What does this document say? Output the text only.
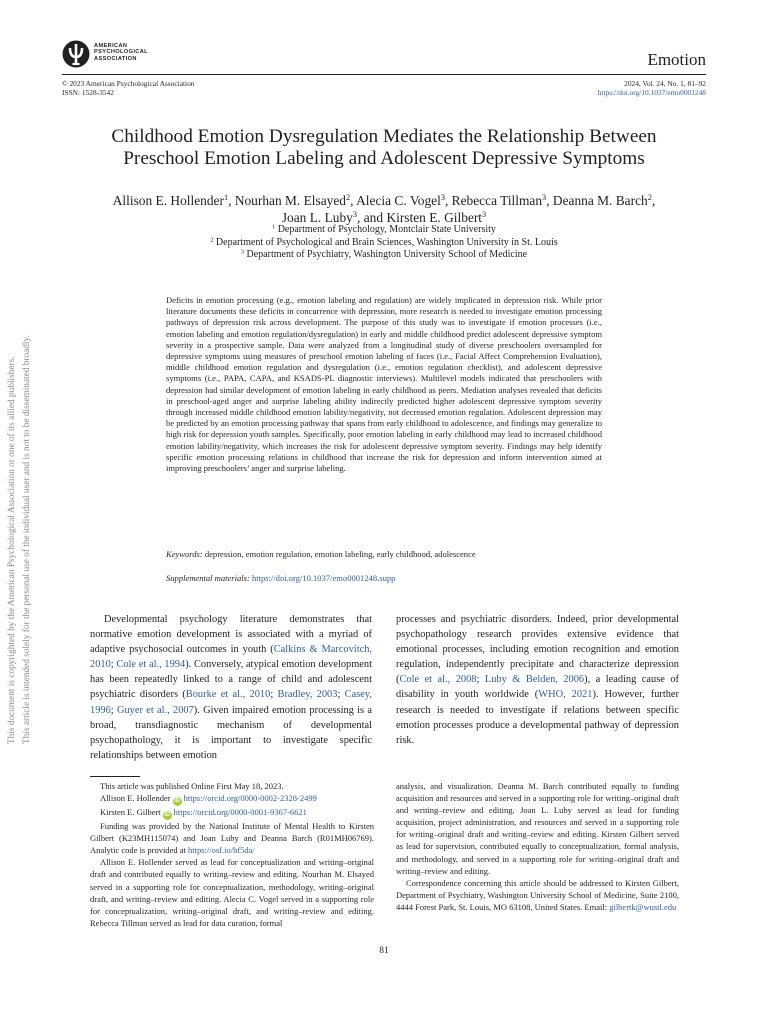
AMERICAN
PSYCHOLOGICAL
ASSOCIATION	Emotion
© 2023 American Psychological Association
ISSN: 1528-3542
2024, Vol. 24, No. 1, 81–92
https://doi.org/10.1037/emo0001248
Childhood Emotion Dysregulation Mediates the Relationship Between
Preschool Emotion Labeling and Adolescent Depressive Symptoms
Allison E. Hollender$^1$, Nourhan M. Elsayed$^2$, Alecia C. Vogel$^3$, Rebecca Tillman$^3$, Deanna M. Barch$^2$,
Joan L. Luby$^3$, and Kirsten E. Gilbert$^3$
$^1$ Department of Psychology, Montclair State University
$^2$ Department of Psychological and Brain Sciences, Washington University in St. Louis
$^3$ Department of Psychiatry, Washington University School of Medicine
Deficits in emotion processing (e.g., emotion labeling and regulation) are widely implicated in depression risk. While prior literature documents these deficits in concurrence with depression, more research is needed to investigate emotion processing pathways of depression risk across development. The purpose of this study was to investigate if emotion processes (i.e., emotion labeling and emotion regulation/dysregulation) in early and middle childhood predict adolescent depressive symptom severity in a prospective sample. Data were analyzed from a longitudinal study of diverse preschoolers oversampled for depressive symptoms using measures of preschool emotion labeling of faces (i.e., Facial Affect Comprehension Evaluation), middle childhood emotion regulation and dysregulation (i.e., emotion regulation checklist), and adolescent depressive symptoms (i.e., PAPA, CAPA, and KSADS-PL diagnostic interviews). Multilevel models indicated that preschoolers with depression had similar development of emotion labeling in early childhood as peers. Mediation analyses revealed that deficits in preschool-aged anger and surprise labeling ability indirectly predicted higher adolescent depressive symptom severity through increased middle childhood emotion lability/negativity, not decreased emotion regulation. Adolescent depression may be predicted by an emotion processing pathway that spans from early childhood to adolescence, and findings may generalize to high risk for depression youth samples. Specifically, poor emotion labeling in early childhood may lead to increased childhood emotion lability/negativity, which increases the risk for adolescent depressive symptom severity. Findings may help identify specific emotion processing relations in childhood that increase the risk for depression and inform intervention aimed at improving preschoolers’ anger and surprise labeling.
Keywords: depression, emotion regulation, emotion labeling, early childhood, adolescence
Supplemental materials: https://doi.org/10.1037/emo0001248.supp
This document is copyrighted by the American Psychological Association or one of its allied publishers. This article is intended solely for the personal use of the individual user and is not to be disseminated broadly.	Developmental psychology literature demonstrates that normative emotion development is associated with a myriad of adaptive psychosocial outcomes in youth (Calkins & Marcovitch, 2010; Cole et al., 1994). Conversely, atypical emotion development has been repeatedly linked to a range of child and adolescent psychiatric disorders (Bourke et al., 2010; Bradley, 2003; Casey, 1996; Guyer et al., 2007). Given impaired emotion processing is a broad, transdiagnostic mechanism of developmental psychopathology, it is important to investigate specific relationships between emotion

processes and psychiatric disorders. Indeed, prior developmental psychopathology research provides extensive evidence that emotional processes, including emotion recognition and emotion regulation, independently precipitate and characterize depression (Cole et al., 2008; Luby & Belden, 2006), a leading cause of disability in youth worldwide (WHO, 2021). However, further research is needed to investigate if relations between specific emotion processes produce a developmental pathway of depression risk.

This article was published Online First May 18, 2023.

Allison E. Hollender iD https://orcid.org/0000-0002-2328-2499

Kirsten E. Gilbert iD https://orcid.org/0000-0001-9367-6621

Funding was provided by the National Institute of Mental Health to Kirsten Gilbert (K23MH115074) and Joan Luby and Deanna Barch (R01MH06769). Analytic code is provided at https://osf.io/bf5da/

Allison E. Hollender served as lead for conceptualization and writing–original draft and contributed equally to writing–review and editing. Nourhan M. Elsayed served in a supporting role for conceptualization, methodology, writing–original draft, and writing–review and editing. Alecia C. Vogel served in a supporting role for conceptualization, writing–original draft, and writing–review and editing. Rebecca Tillman served as lead for data curation, formal

analysis, and visualization. Deanna M. Barch contributed equally to funding acquisition and resources and served in a supporting role for writing–original draft and writing–review and editing. Joan L. Luby served as lead for funding acquisition, project administration, and resources and served in a supporting role for writing–original draft and writing–review and editing. Kirsten Gilbert served as lead for supervision, contributed equally to conceptualization, formal analysis, and methodology, and served in a supporting role for writing–original draft and writing–review and editing.

Correspondence concerning this article should be addressed to Kirsten Gilbert, Department of Psychiatry, Washington University School of Medicine, Suite 2100, 4444 Forest Park, St. Louis, MO 63108, United States. Email: gilbertk@wustl.edu

81
